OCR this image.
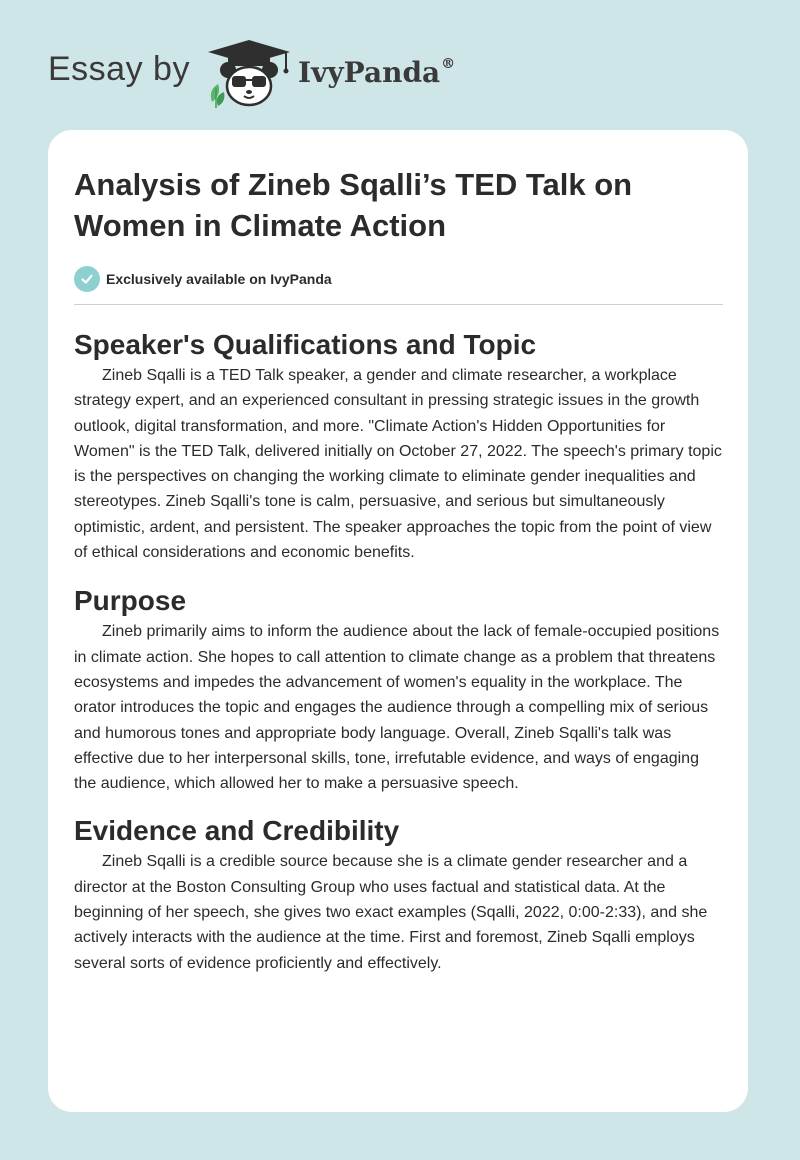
Essay by	IvyPanda®
Analysis of Zineb Sqalli’s TED Talk on Women in Climate Action
Exclusively available on IvyPanda
Speaker's Qualifications and Topic

Zineb Sqalli is a TED Talk speaker, a gender and climate researcher, a workplace strategy expert, and an experienced consultant in pressing strategic issues in the growth outlook, digital transformation, and more. "Climate Action's Hidden Opportunities for Women" is the TED Talk, delivered initially on October 27, 2022. The speech's primary topic is the perspectives on changing the working climate to eliminate gender inequalities and stereotypes. Zineb Sqalli's tone is calm, persuasive, and serious but simultaneously optimistic, ardent, and persistent. The speaker approaches the topic from the point of view of ethical considerations and economic benefits.

Purpose

Zineb primarily aims to inform the audience about the lack of female-occupied positions in climate action. She hopes to call attention to climate change as a problem that threatens ecosystems and impedes the advancement of women's equality in the workplace. The orator introduces the topic and engages the audience through a compelling mix of serious and humorous tones and appropriate body language. Overall, Zineb Sqalli's talk was effective due to her interpersonal skills, tone, irrefutable evidence, and ways of engaging the audience, which allowed her to make a persuasive speech.

Evidence and Credibility

Zineb Sqalli is a credible source because she is a climate gender researcher and a director at the Boston Consulting Group who uses factual and statistical data. At the beginning of her speech, she gives two exact examples (Sqalli, 2022, 0:00-2:33), and she actively interacts with the audience at the time. First and foremost, Zineb Sqalli employs several sorts of evidence proficiently and effectively.
